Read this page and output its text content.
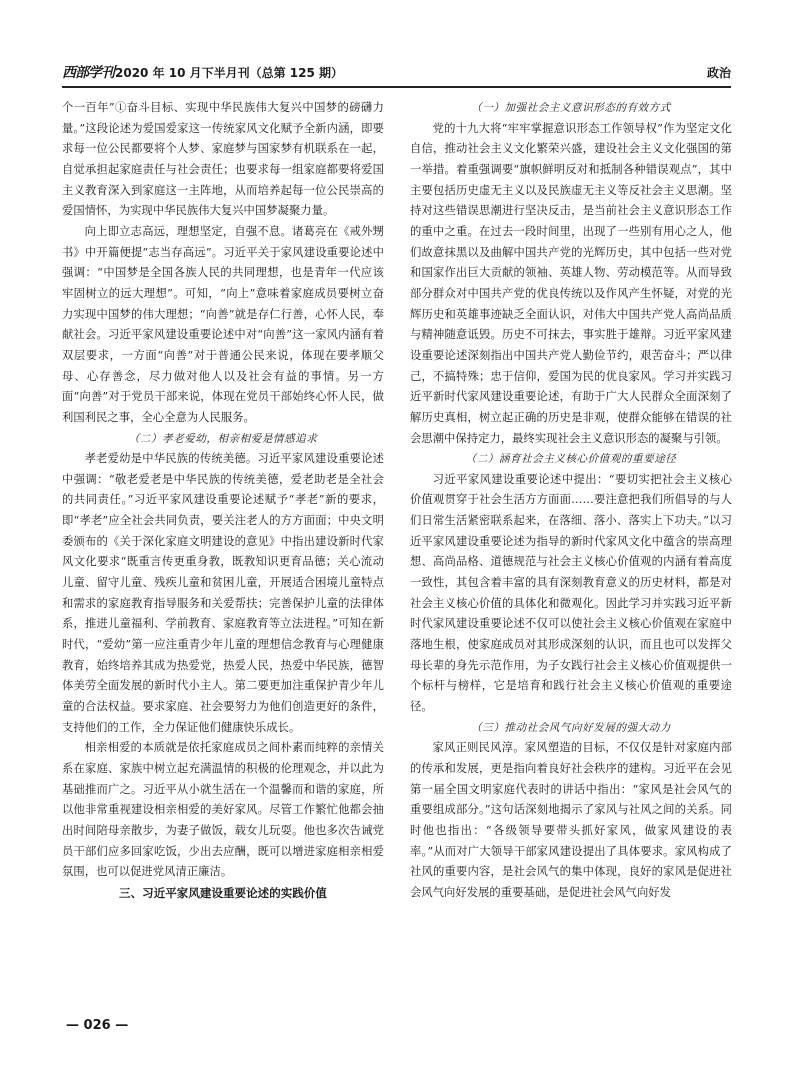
西部学刊 2020 年 10 月下半月刊（总第 125 期）	政治

个一百年”①奋斗目标、实现中华民族伟大复兴中国梦的磅礴力量。”这段论述为爱国爱家这一传统家风文化赋予全新内涵，即要求每一位公民都要将个人梦、家庭梦与国家梦有机联系在一起，自觉承担起家庭责任与社会责任；也要求每一组家庭都要将爱国主义教育深入到家庭这一主阵地，从而培养起每一位公民崇高的爱国情怀，为实现中华民族伟大复兴中国梦凝聚力量。

向上即立志高远，理想坚定，自强不息。诸葛亮在《戒外甥书》中开篇便提“志当存高远”。习近平关于家风建设重要论述中强调：“中国梦是全国各族人民的共同理想，也是青年一代应该牢固树立的远大理想”。可知，“向上”意味着家庭成员要树立奋力实现中国梦的伟大理想；“向善”就是存仁行善，心怀人民，奉献社会。习近平家风建设重要论述中对“向善”这一家风内涵有着双层要求，一方面“向善”对于普通公民来说，体现在要孝顺父母、心存善念，尽力做对他人以及社会有益的事情。另一方面“向善”对于党员干部来说，体现在党员干部始终心怀人民，做利国利民之事，全心全意为人民服务。

（二）孝老爱幼，相亲相爱是情感追求

孝老爱幼是中华民族的传统美德。习近平家风建设重要论述中强调：“敬老爱老是中华民族的传统美德，爱老助老是全社会的共同责任。”习近平家风建设重要论述赋予“孝老”新的要求，即“孝老”应全社会共同负责，要关注老人的方方面面；中央文明委颁布的《关于深化家庭文明建设的意见》中指出建设新时代家风文化要求“既重言传更重身教，既教知识更育品德；关心流动儿童、留守儿童、残疾儿童和贫困儿童，开展适合困境儿童特点和需求的家庭教育指导服务和关爱帮扶；完善保护儿童的法律体系，推进儿童福利、学前教育、家庭教育等立法进程。”可知在新时代，“爱幼”第一应注重青少年儿童的理想信念教育与心理健康教育，始终培养其成为热爱党，热爱人民，热爱中华民族，德智体美劳全面发展的新时代小主人。第二要更加注重保护青少年儿童的合法权益。要求家庭、社会要努力为他们创造更好的条件，支持他们的工作，全力保证他们健康快乐成长。

相亲相爱的本质就是依托家庭成员之间朴素而纯粹的亲情关系在家庭、家族中树立起充满温情的积极的伦理观念，并以此为基础推而广之。习近平从小就生活在一个温馨而和谐的家庭，所以他非常重视建设相亲相爱的美好家风。尽管工作繁忙他都会抽出时间陪母亲散步，为妻子做饭，载女儿玩耍。他也多次告诫党员干部们应多回家吃饭，少出去应酬，既可以增进家庭相亲相爱氛围，也可以促进党风清正廉洁。

三、习近平家风建设重要论述的实践价值

（一）加强社会主义意识形态的有效方式

党的十九大将“牢牢掌握意识形态工作领导权”作为坚定文化自信，推动社会主义文化繁荣兴盛，建设社会主义文化强国的第一举措。着重强调要“旗帜鲜明反对和抵制各种错误观点”，其中主要包括历史虚无主义以及民族虚无主义等反社会主义思潮。坚持对这些错误思潮进行坚决反击，是当前社会主义意识形态工作的重中之重。在过去一段时间里，出现了一些别有用心之人，他们故意抹黑以及曲解中国共产党的光辉历史，其中包括一些对党和国家作出巨大贡献的领袖、英雄人物、劳动模范等。从而导致部分群众对中国共产党的优良传统以及作风产生怀疑，对党的光辉历史和英雄事迹缺乏全面认识，对伟大中国共产党人高尚品质与精神随意诋毁。历史不可抹去，事实胜于雄辩。习近平家风建设重要论述深刻指出中国共产党人勤俭节约，艰苦奋斗；严以律己，不搞特殊；忠于信仰，爱国为民的优良家风。学习并实践习近平新时代家风建设重要论述，有助于广大人民群众全面深刻了解历史真相，树立起正确的历史是非观，使群众能够在错误的社会思潮中保持定力，最终实现社会主义意识形态的凝聚与引领。

（二）涵育社会主义核心价值观的重要途径

习近平家风建设重要论述中提出：“要切实把社会主义核心价值观贯穿于社会生活方方面面……要注意把我们所倡导的与人们日常生活紧密联系起来，在落细、落小、落实上下功夫。”以习近平家风建设重要论述为指导的新时代家风文化中蕴含的崇高理想、高尚品格、道德规范与社会主义核心价值观的内涵有着高度一致性，其包含着丰富的具有深刻教育意义的历史材料，都是对社会主义核心价值的具体化和微观化。因此学习并实践习近平新时代家风建设重要论述不仅可以使社会主义核心价值观在家庭中落地生根，使家庭成员对其形成深刻的认识，而且也可以发挥父母长辈的身先示范作用，为子女践行社会主义核心价值观提供一个标杆与榜样，它是培育和践行社会主义核心价值观的重要途径。

（三）推动社会风气向好发展的强大动力

家风正则民风淳。家风塑造的目标，不仅仅是针对家庭内部的传承和发展，更是指向着良好社会秩序的建构。习近平在会见第一届全国文明家庭代表时的讲话中指出：“家风是社会风气的重要组成部分。”这句话深刻地揭示了家风与社风之间的关系。同时他也指出：“各级领导要带头抓好家风，做家风建设的表率。”从而对广大领导干部家风建设提出了具体要求。家风构成了社风的重要内容，是社会风气的集中体现，良好的家风是促进社会风气向好发展的重要基础，是促进社会风气向好发

— 026 —
